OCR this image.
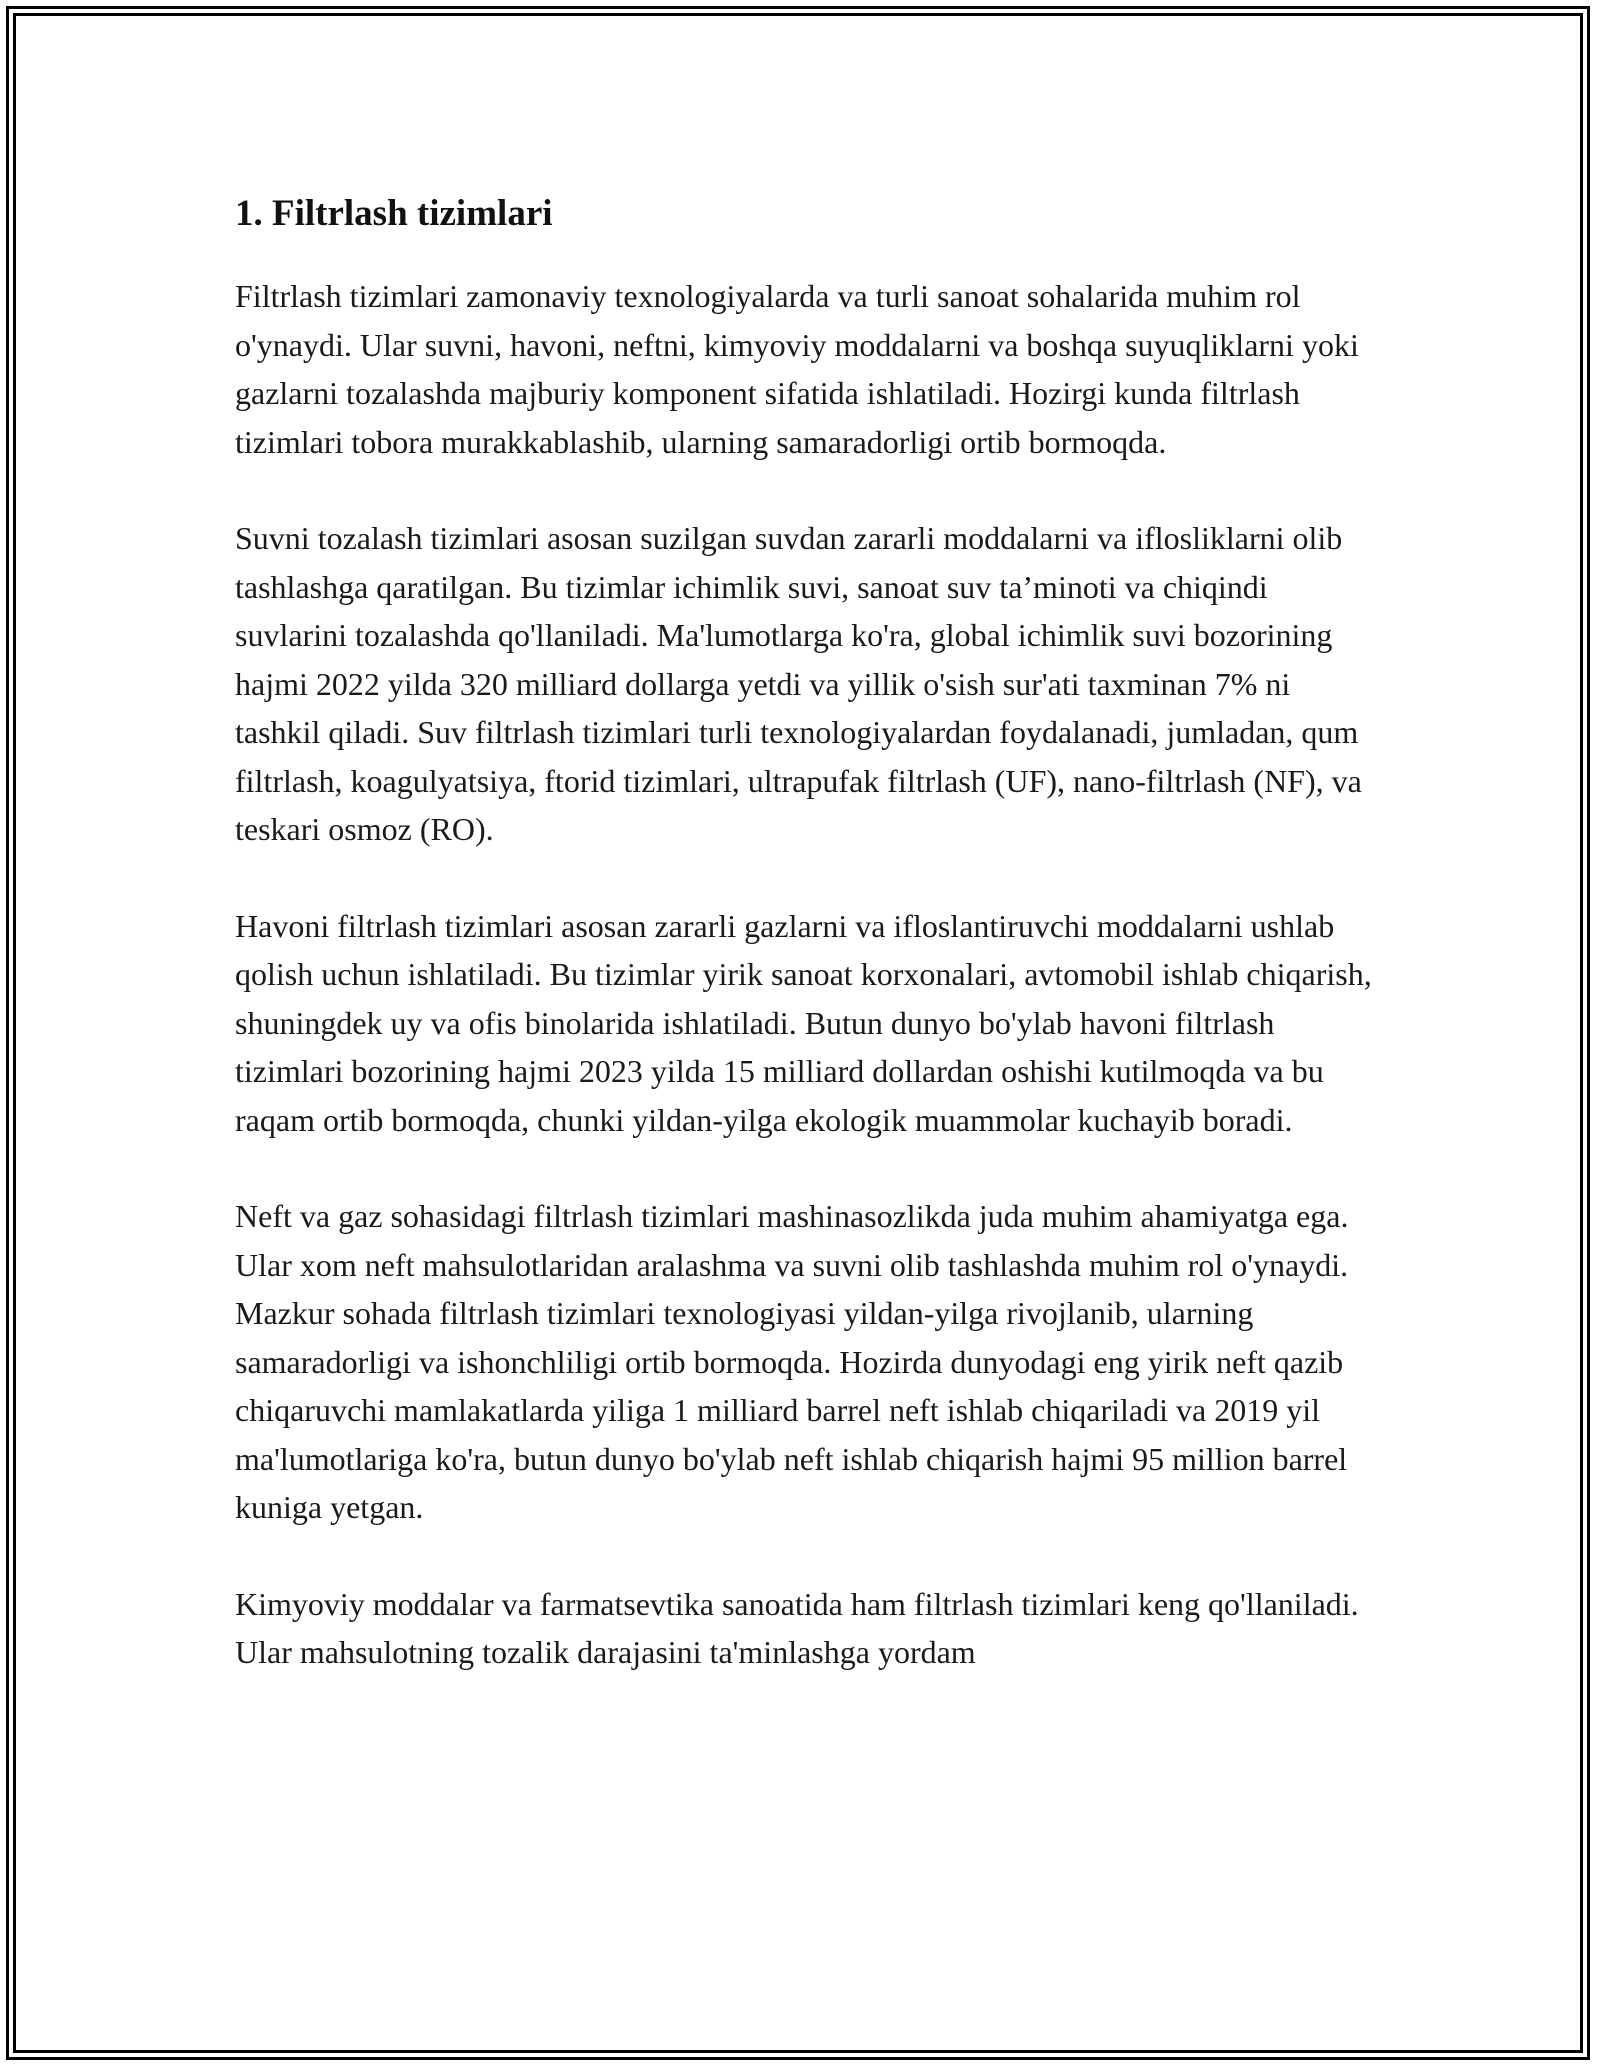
1. Filtrlash tizimlari

Filtrlash tizimlari zamonaviy texnologiyalarda va turli sanoat sohalarida muhim rol o'ynaydi. Ular suvni, havoni, neftni, kimyoviy moddalarni va boshqa suyuqliklarni yoki gazlarni tozalashda majburiy komponent sifatida ishlatiladi. Hozirgi kunda filtrlash tizimlari tobora murakkablashib, ularning samaradorligi ortib bormoqda.

Suvni tozalash tizimlari asosan suzilgan suvdan zararli moddalarni va iflosliklarni olib tashlashga qaratilgan. Bu tizimlar ichimlik suvi, sanoat suv ta’minoti va chiqindi suvlarini tozalashda qo'llaniladi. Ma'lumotlarga ko'ra, global ichimlik suvi bozorining hajmi 2022 yilda 320 milliard dollarga yetdi va yillik o'sish sur'ati taxminan 7% ni tashkil qiladi. Suv filtrlash tizimlari turli texnologiyalardan foydalanadi, jumladan, qum filtrlash, koagulyatsiya, ftorid tizimlari, ultrapufak filtrlash (UF), nano-filtrlash (NF), va teskari osmoz (RO).

Havoni filtrlash tizimlari asosan zararli gazlarni va ifloslantiruvchi moddalarni ushlab qolish uchun ishlatiladi. Bu tizimlar yirik sanoat korxonalari, avtomobil ishlab chiqarish, shuningdek uy va ofis binolarida ishlatiladi. Butun dunyo bo'ylab havoni filtrlash tizimlari bozorining hajmi 2023 yilda 15 milliard dollardan oshishi kutilmoqda va bu raqam ortib bormoqda, chunki yildan-yilga ekologik muammolar kuchayib boradi.

Neft va gaz sohasidagi filtrlash tizimlari mashinasozlikda juda muhim ahamiyatga ega. Ular xom neft mahsulotlaridan aralashma va suvni olib tashlashda muhim rol o'ynaydi. Mazkur sohada filtrlash tizimlari texnologiyasi yildan-yilga rivojlanib, ularning samaradorligi va ishonchliligi ortib bormoqda. Hozirda dunyodagi eng yirik neft qazib chiqaruvchi mamlakatlarda yiliga 1 milliard barrel neft ishlab chiqariladi va 2019 yil ma'lumotlariga ko'ra, butun dunyo bo'ylab neft ishlab chiqarish hajmi 95 million barrel kuniga yetgan.

Kimyoviy moddalar va farmatsevtika sanoatida ham filtrlash tizimlari keng qo'llaniladi. Ular mahsulotning tozalik darajasini ta'minlashga yordam
